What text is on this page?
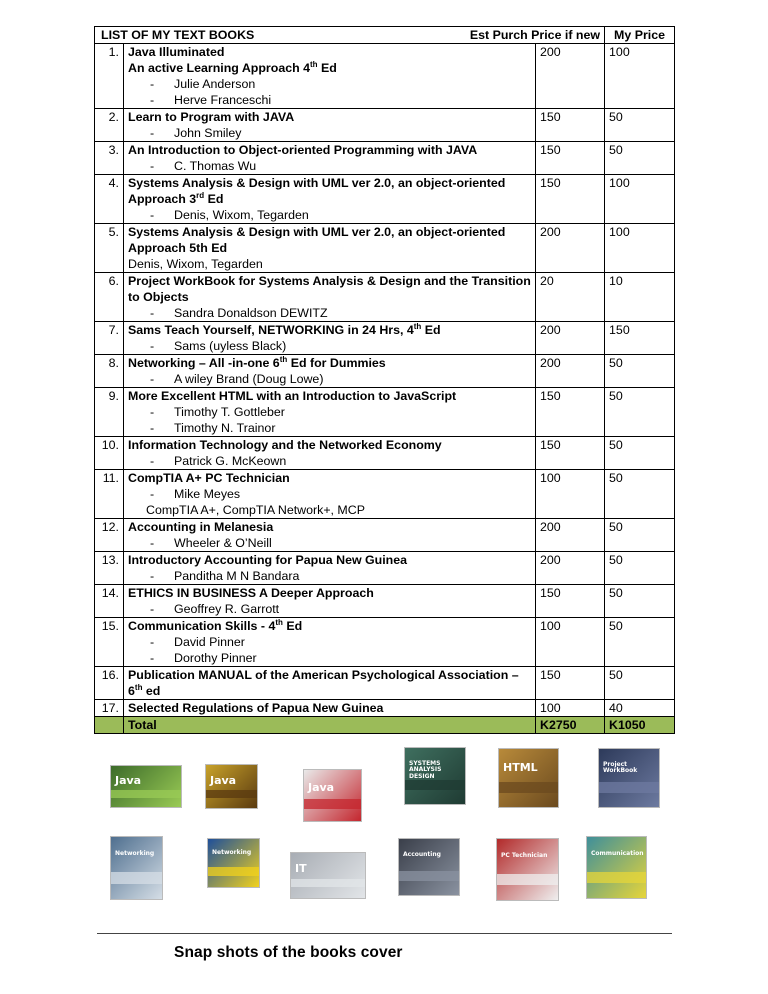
LIST OF MY TEXT BOOKS Est Purch Price if new			My Price
1.	Java Illuminated
An active Learning Approach 4th Ed
- Julie Anderson
- Herve Franceschi	200	100
2.	Learn to Program with JAVA
- John Smiley	150	50
3.	An Introduction to Object-oriented Programming with JAVA
- C. Thomas Wu	150	50
4.	Systems Analysis & Design with UML ver 2.0, an object-oriented
Approach 3rd Ed
- Denis, Wixom, Tegarden	150	100
5.	Systems Analysis & Design with UML ver 2.0, an object-oriented
Approach 5th Ed
Denis, Wixom, Tegarden	200	100
6.	Project WorkBook for Systems Analysis & Design and the Transition
to Objects
- Sandra Donaldson DEWITZ	20	10
7.	Sams Teach Yourself, NETWORKING in 24 Hrs, 4th Ed
- Sams (uyless Black)	200	150
8.	Networking – All -in-one 6th Ed for Dummies
- A wiley Brand (Doug Lowe)	200	50
9.	More Excellent HTML with an Introduction to JavaScript
- Timothy T. Gottleber
- Timothy N. Trainor	150	50
10.	Information Technology and the Networked Economy
- Patrick G. McKeown	150	50
11.	CompTIA A+ PC Technician
- Mike Meyes
CompTIA A+, CompTIA Network+, MCP	100	50
12.	Accounting in Melanesia
- Wheeler & O’Neill	200	50
13.	Introductory Accounting for Papua New Guinea
- Panditha M N Bandara	200	50
14.	ETHICS IN BUSINESS A Deeper Approach
- Geoffrey R. Garrott	150	50
15.	Communication Skills - 4th Ed
- David Pinner
- Dorothy Pinner	100	50
16.	Publication MANUAL of the American Psychological Association –
6th ed	150	50
17.	Selected Regulations of Papua New Guinea	100	40
	Total	K2750	K1050
Java	Java
Java
SYSTEMS ANALYSIS DESIGN
HTML	Project WorkBook
Networking	Networking
IT
Accounting	PC Technician	Communication
Snap shots of the books cover
